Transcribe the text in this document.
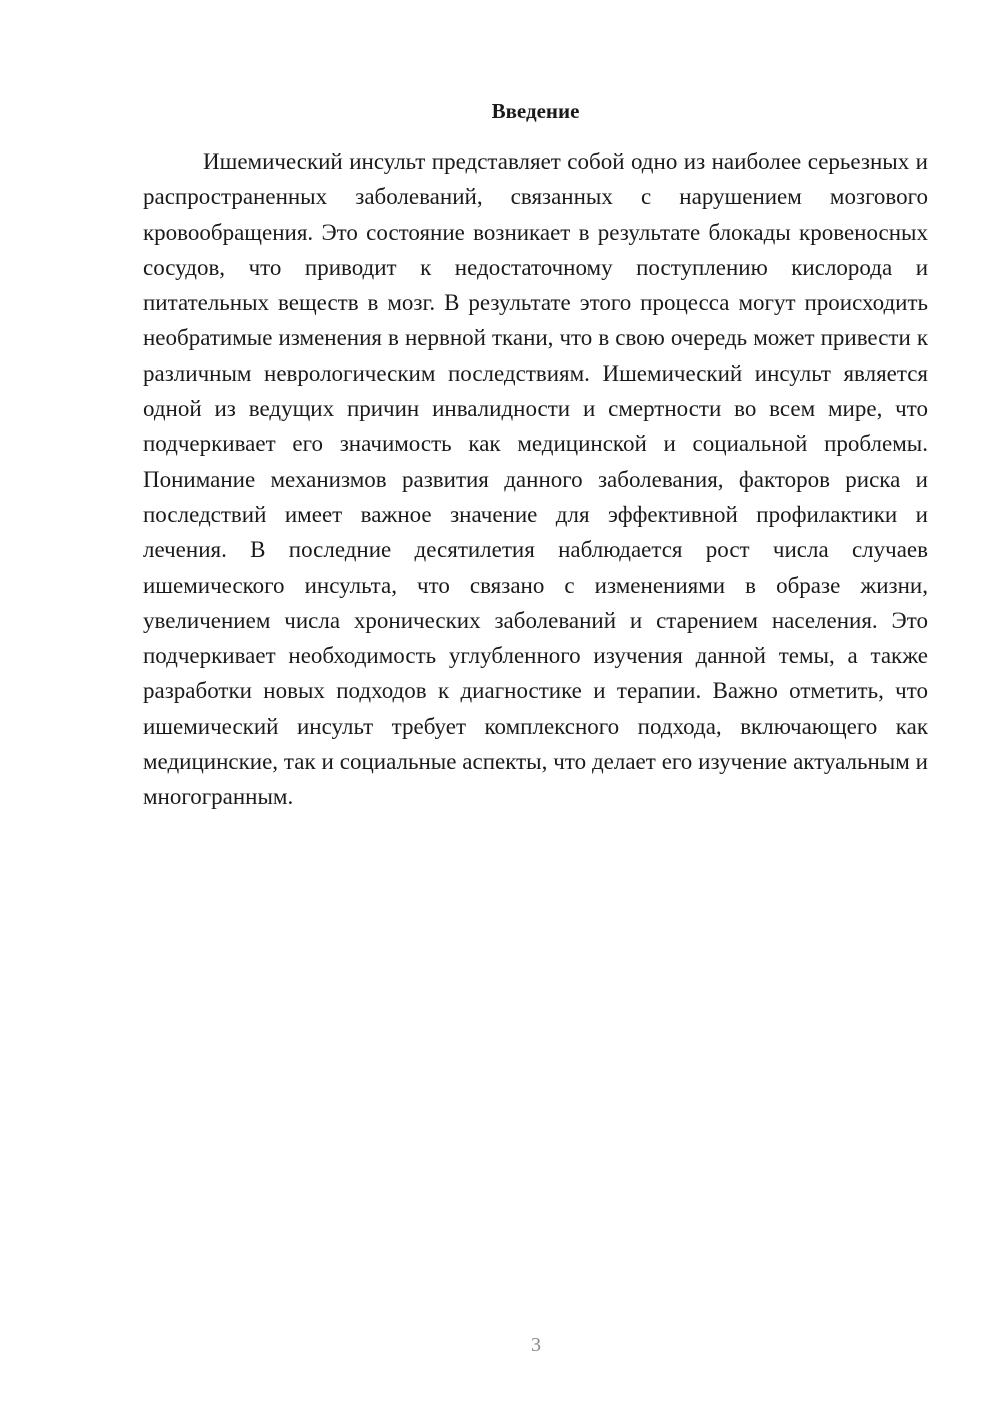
Введение

Ишемический инсульт представляет собой одно из наиболее серьезных и распространенных заболеваний, связанных с нарушением мозгового кровообращения. Это состояние возникает в результате блокады кровеносных сосудов, что приводит к недостаточному поступлению кислорода и питательных веществ в мозг. В результате этого процесса могут происходить необратимые изменения в нервной ткани, что в свою очередь может привести к различным неврологическим последствиям. Ишемический инсульт является одной из ведущих причин инвалидности и смертности во всем мире, что подчеркивает его значимость как медицинской и социальной проблемы. Понимание механизмов развития данного заболевания, факторов риска и последствий имеет важное значение для эффективной профилактики и лечения. В последние десятилетия наблюдается рост числа случаев ишемического инсульта, что связано с изменениями в образе жизни, увеличением числа хронических заболеваний и старением населения. Это подчеркивает необходимость углубленного изучения данной темы, а также разработки новых подходов к диагностике и терапии. Важно отметить, что ишемический инсульт требует комплексного подхода, включающего как медицинские, так и социальные аспекты, что делает его изучение актуальным и многогранным.

3
